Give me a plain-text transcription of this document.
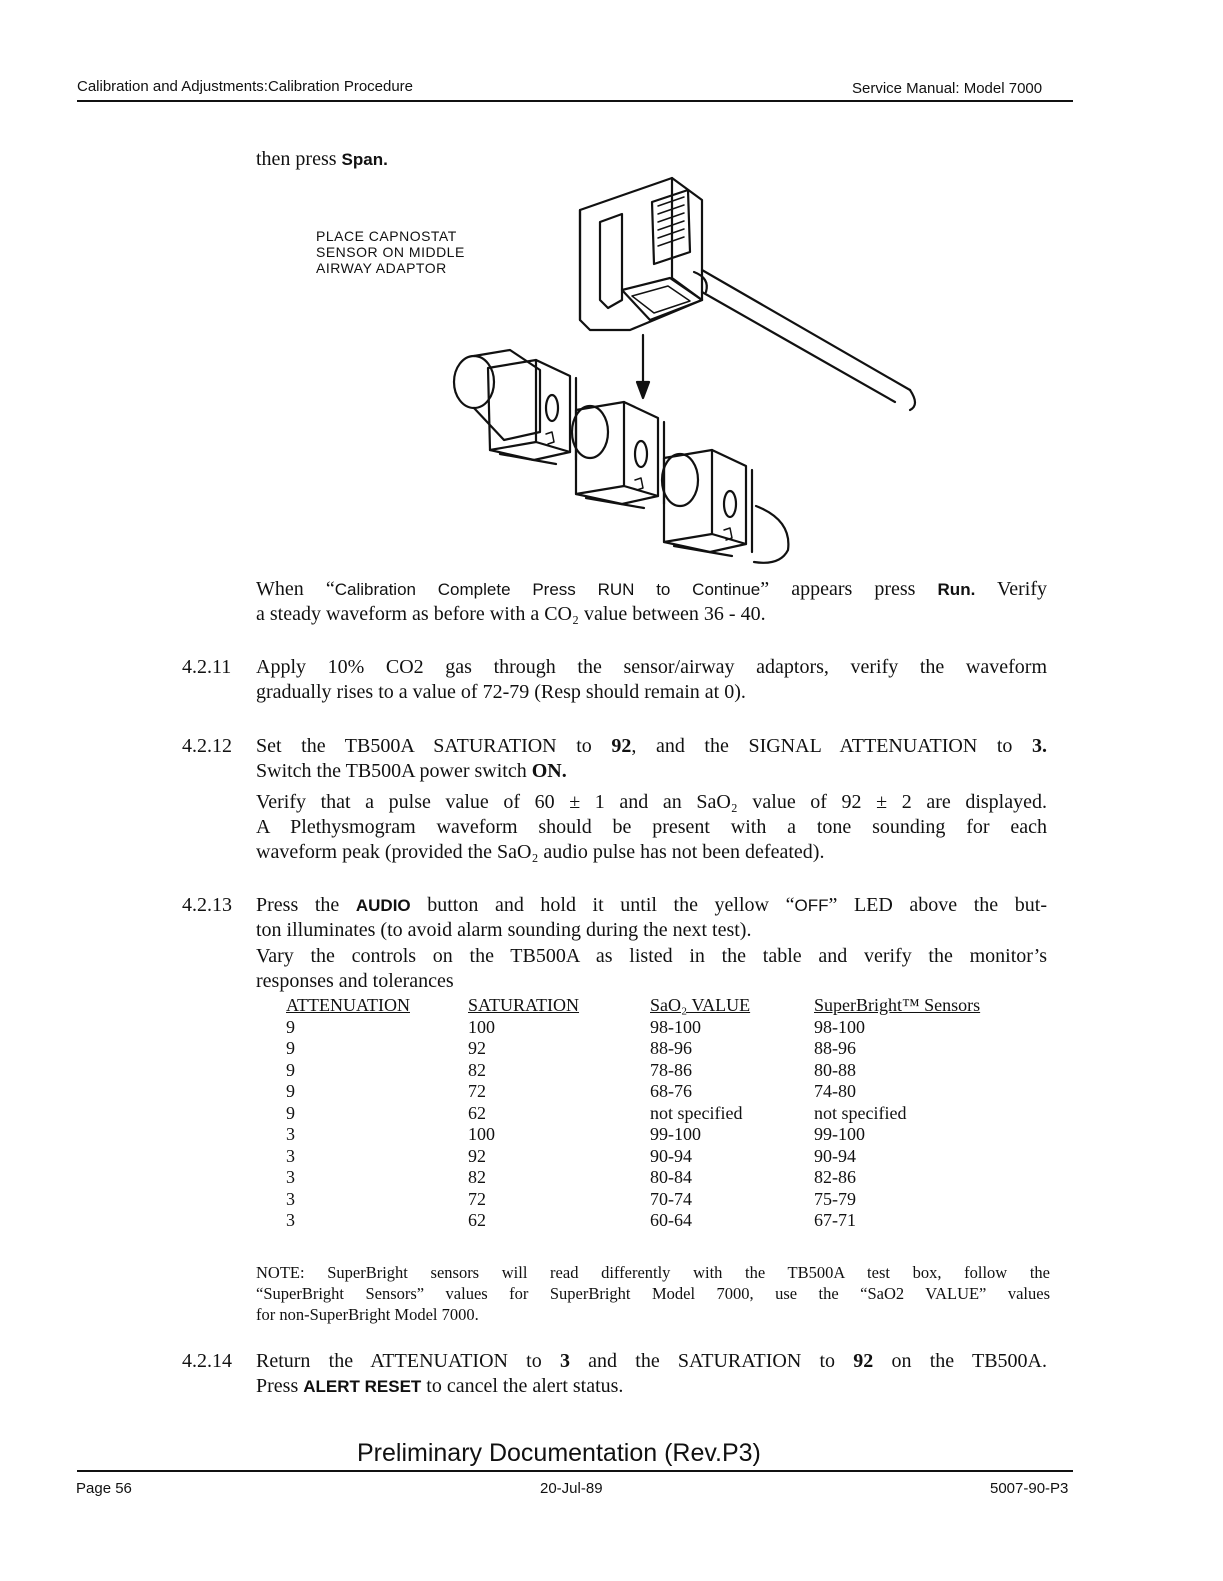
Calibration and Adjustments:Calibration Procedure	Service Manual: Model 7000
then press Span.
PLACE CAPNOSTAT
SENSOR ON MIDDLE
AIRWAY ADAPTOR
When “Calibration Complete Press RUN to Continue” appears press Run. Verify
a steady waveform as before with a CO₂ value between 36 - 40.
4.2.11 Apply 10% CO2 gas through the sensor/airway adaptors, verify the waveform
gradually rises to a value of 72-79 (Resp should remain at 0).
4.2.12 Set the TB500A SATURATION to 92, and the SIGNAL ATTENUATION to 3.
Switch the TB500A power switch ON.
Verify that a pulse value of 60 ± 1 and an SaO₂ value of 92 ± 2 are displayed.
A Plethysmogram waveform should be present with a tone sounding for each
waveform peak (provided the SaO₂ audio pulse has not been defeated).
4.2.13 Press the AUDIO button and hold it until the yellow “OFF” LED above the but-
ton illuminates (to avoid alarm sounding during the next test).
Vary the controls on the TB500A as listed in the table and verify the monitor’s
responses and tolerances
ATTENUATION	SATURATION	SaO₂ VALUE	SuperBright™ Sensors
9	100	98-100	98-100
9	92	88-96	88-96
9	82	78-86	80-88
9	72	68-76	74-80
9	62	not specified	not specified
3	100	99-100	99-100
3	92	90-94	90-94
3	82	80-84	82-86
3	72	70-74	75-79
3	62	60-64	67-71
NOTE: SuperBright sensors will read differently with the TB500A test box, follow the
“SuperBright Sensors” values for SuperBright Model 7000, use the “SaO2 VALUE” values
for non-SuperBright Model 7000.
4.2.14 Return the ATTENUATION to 3 and the SATURATION to 92 on the TB500A.
Press ALERT RESET to cancel the alert status.
Preliminary Documentation (Rev.P3)
Page 56	20-Jul-89	5007-90-P3
